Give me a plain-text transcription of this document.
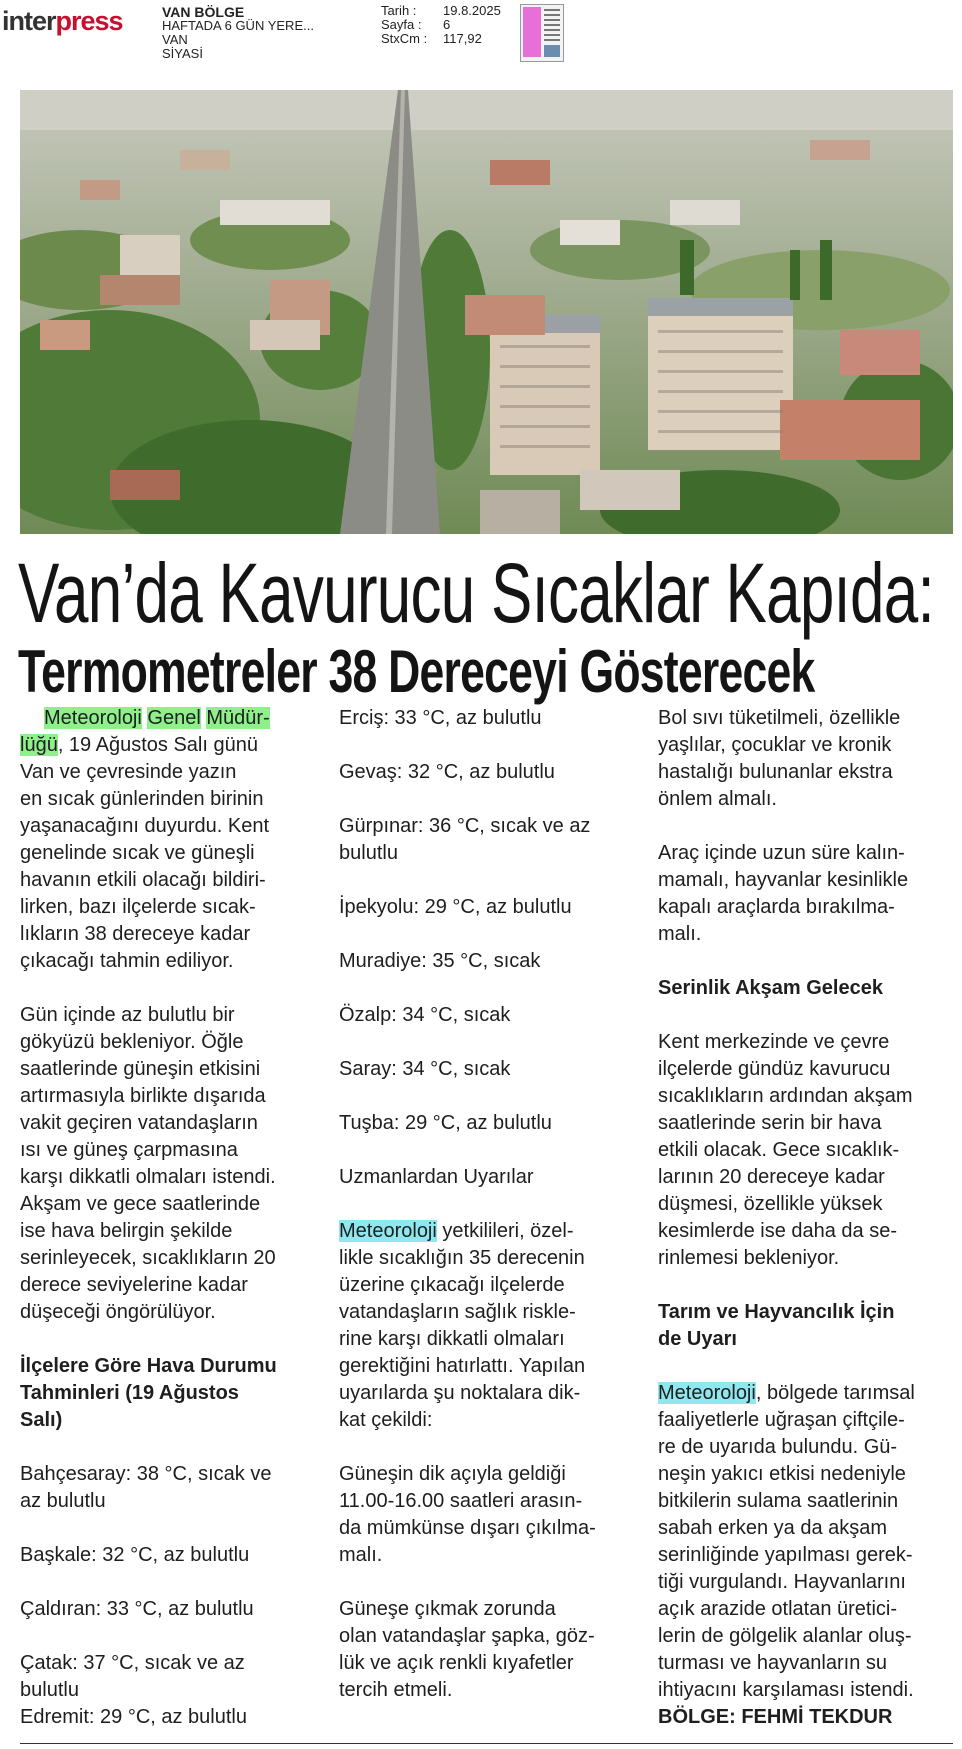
interpress	VAN BÖLGE
HAFTADA 6 GÜN YERE...
VAN
SİYASİ
Tarih :	19.8.2025
Sayfa :	6
StxCm :	117,92
Van’da Kavurucu Sıcaklar Kapıda:
Termometreler 38 Dereceyi Gösterecek

Meteoroloji Genel Müdür-

lüğü, 19 Ağustos Salı günü

Van ve çevresinde yazın

en sıcak günlerinden birinin

yaşanacağını duyurdu. Kent

genelinde sıcak ve güneşli

havanın etkili olacağı bildiri-

lirken, bazı ilçelerde sıcak-

lıkların 38 dereceye kadar

çıkacağı tahmin ediliyor.

Gün içinde az bulutlu bir

gökyüzü bekleniyor. Öğle

saatlerinde güneşin etkisini

artırmasıyla birlikte dışarıda

vakit geçiren vatandaşların

ısı ve güneş çarpmasına

karşı dikkatli olmaları istendi.

Akşam ve gece saatlerinde

ise hava belirgin şekilde

serinleyecek, sıcaklıkların 20

derece seviyelerine kadar

düşeceği öngörülüyor.

İlçelere Göre Hava Durumu

Tahminleri (19 Ağustos

Salı)

Bahçesaray: 38 °C, sıcak ve

az bulutlu

Başkale: 32 °C, az bulutlu

Çaldıran: 33 °C, az bulutlu

Çatak: 37 °C, sıcak ve az

bulutlu

Edremit: 29 °C, az bulutlu

Erciş: 33 °C, az bulutlu

Gevaş: 32 °C, az bulutlu

Gürpınar: 36 °C, sıcak ve az

bulutlu

İpekyolu: 29 °C, az bulutlu

Muradiye: 35 °C, sıcak

Özalp: 34 °C, sıcak

Saray: 34 °C, sıcak

Tuşba: 29 °C, az bulutlu

Uzmanlardan Uyarılar

Meteoroloji yetkilileri, özel-

likle sıcaklığın 35 derecenin

üzerine çıkacağı ilçelerde

vatandaşların sağlık riskle-

rine karşı dikkatli olmaları

gerektiğini hatırlattı. Yapılan

uyarılarda şu noktalara dik-

kat çekildi:

Güneşin dik açıyla geldiği

11.00-16.00 saatleri arasın-

da mümkünse dışarı çıkılma-

malı.

Güneşe çıkmak zorunda

olan vatandaşlar şapka, göz-

lük ve açık renkli kıyafetler

tercih etmeli.

Bol sıvı tüketilmeli, özellikle

yaşlılar, çocuklar ve kronik

hastalığı bulunanlar ekstra

önlem almalı.

Araç içinde uzun süre kalın-

mamalı, hayvanlar kesinlikle

kapalı araçlarda bırakılma-

malı.

Serinlik Akşam Gelecek

Kent merkezinde ve çevre

ilçelerde gündüz kavurucu

sıcaklıkların ardından akşam

saatlerinde serin bir hava

etkili olacak. Gece sıcaklık-

larının 20 dereceye kadar

düşmesi, özellikle yüksek

kesimlerde ise daha da se-

rinlemesi bekleniyor.

Tarım ve Hayvancılık İçin

de Uyarı

Meteoroloji, bölgede tarımsal

faaliyetlerle uğraşan çiftçile-

re de uyarıda bulundu. Gü-

neşin yakıcı etkisi nedeniyle

bitkilerin sulama saatlerinin

sabah erken ya da akşam

serinliğinde yapılması gerek-

tiği vurgulandı. Hayvanlarını

açık arazide otlatan üretici-

lerin de gölgelik alanlar oluş-

turması ve hayvanların su

ihtiyacını karşılaması istendi.

BÖLGE: FEHMİ TEKDUR
